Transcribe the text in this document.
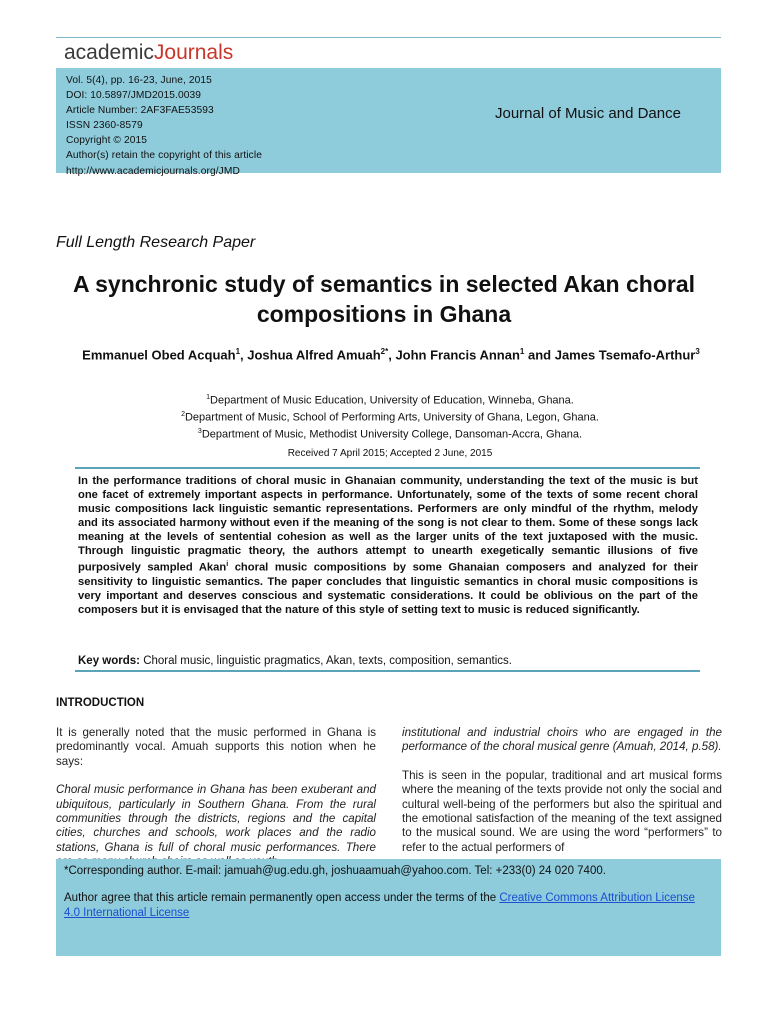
academicJournals
Vol. 5(4), pp. 16-23, June, 2015
DOI: 10.5897/JMD2015.0039
Article Number: 2AF3FAE53593
ISSN 2360-8579
Copyright © 2015
Author(s) retain the copyright of this article
http://www.academicjournals.org/JMD
Journal of Music and Dance
Full Length Research Paper
A synchronic study of semantics in selected Akan choral compositions in Ghana
Emmanuel Obed Acquah$^1$, Joshua Alfred Amuah$^{2*}$, John Francis Annan$^1$ and James Tsemafo-Arthur$^3$
$^1$Department of Music Education, University of Education, Winneba, Ghana.
$^2$Department of Music, School of Performing Arts, University of Ghana, Legon, Ghana.
$^3$Department of Music, Methodist University College, Dansoman-Accra, Ghana.
Received 7 April 2015; Accepted 2 June, 2015
In the performance traditions of choral music in Ghanaian community, understanding the text of the music is but one facet of extremely important aspects in performance. Unfortunately, some of the texts of some recent choral music compositions lack linguistic semantic representations. Performers are only mindful of the rhythm, melody and its associated harmony without even if the meaning of the song is not clear to them. Some of these songs lack meaning at the levels of sentential cohesion as well as the larger units of the text juxtaposed with the music. Through linguistic pragmatic theory, the authors attempt to unearth exegetically semantic illusions of five purposively sampled Akan$^i$ choral music compositions by some Ghanaian composers and analyzed for their sensitivity to linguistic semantics. The paper concludes that linguistic semantics in choral music compositions is very important and deserves conscious and systematic considerations. It could be oblivious on the part of the composers but it is envisaged that the nature of this style of setting text to music is reduced significantly.
Key words: Choral music, linguistic pragmatics, Akan, texts, composition, semantics.
INTRODUCTION

It is generally noted that the music performed in Ghana is predominantly vocal. Amuah supports this notion when he says:

Choral music performance in Ghana has been exuberant and ubiquitous, particularly in Southern Ghana. From the rural communities through the districts, regions and the capital cities, churches and schools, work places and the radio stations, Ghana is full of choral music performances. There

institutional and industrial choirs who are engaged in the performance of the choral musical genre (Amuah, 2014, p.58).

This is seen in the popular, traditional and art musical forms where the meaning of the texts provide not only the social and cultural well-being of the performers but also the spiritual and the emotional satisfaction of the meaning of the text assigned to the musical sound. We are using the word “performers” to refer to the actual performers of

*Corresponding author. E-mail: jamuah@ug.edu.gh, joshuaamuah@yahoo.com. Tel: +233(0) 24 020 7400.
Author agree that this article remain permanently open access under the terms of the Creative Commons Attribution License 4.0 International License
